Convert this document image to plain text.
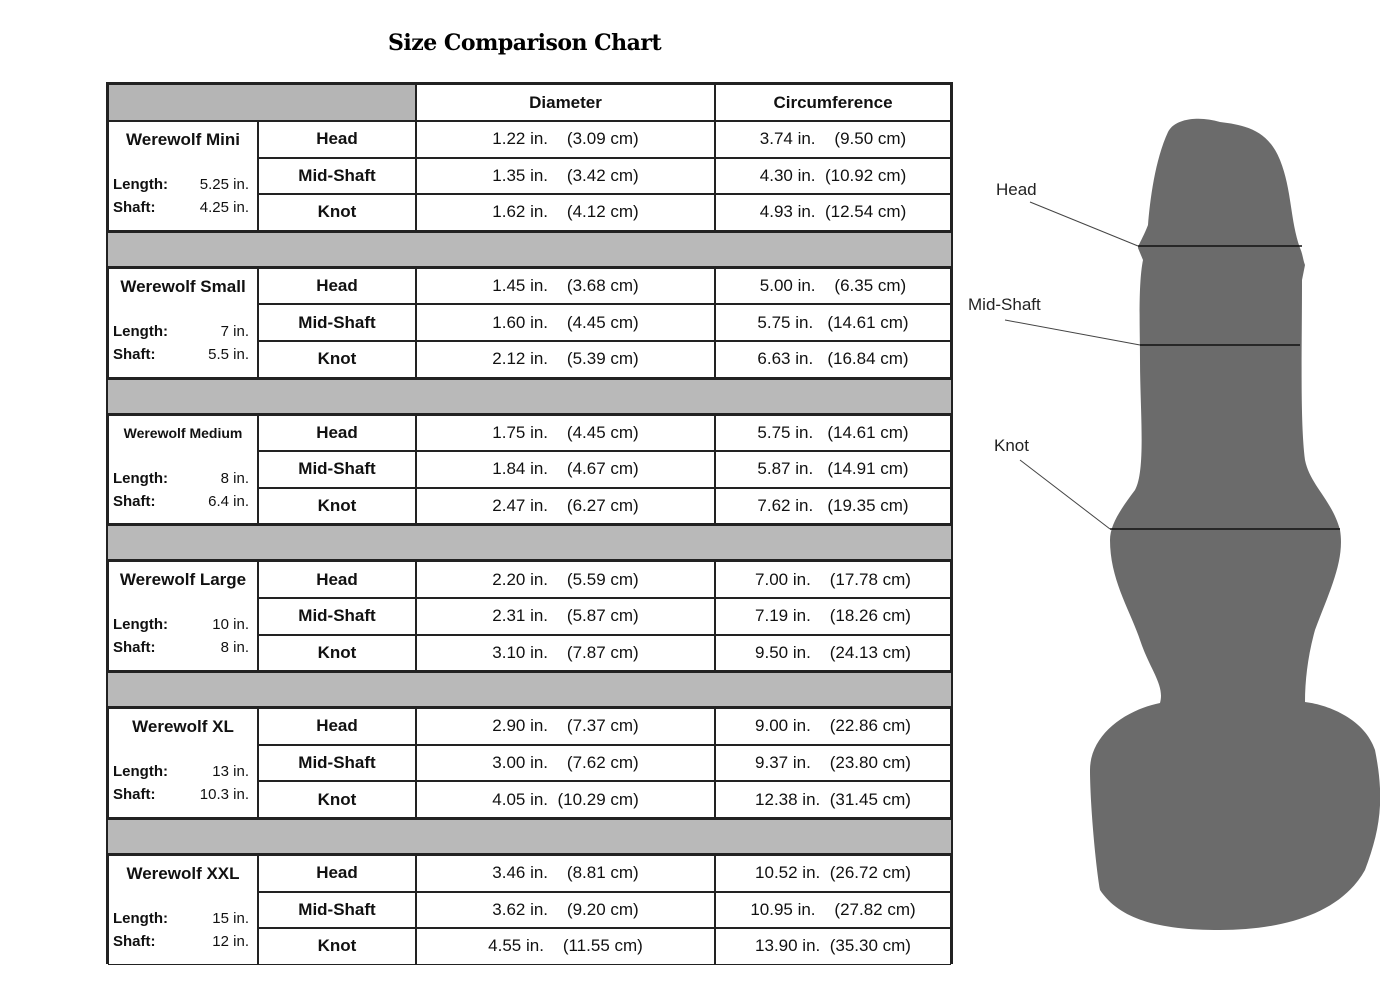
Size Comparison Chart
Diameter	Circumference
Werewolf Mini
Length: 5.25 in.
Shaft:	4.25 in.
Head	1.22 in.    (3.09 cm)	3.74 in.    (9.50 cm)
Mid-Shaft	1.35 in.    (3.42 cm)	4.30 in.  (10.92 cm)
Knot	1.62 in.    (4.12 cm)	4.93 in.  (12.54 cm)
Werewolf Small
Length:	7 in.
Shaft:	5.5 in.
Head	1.45 in.    (3.68 cm)	5.00 in.    (6.35 cm)
Mid-Shaft	1.60 in.    (4.45 cm)	5.75 in.   (14.61 cm)
Knot	2.12 in.    (5.39 cm)	6.63 in.   (16.84 cm)
Werewolf Medium
Length:	8 in.
Shaft:	6.4 in.
Head	1.75 in.    (4.45 cm)	5.75 in.   (14.61 cm)
Mid-Shaft	1.84 in.    (4.67 cm)	5.87 in.   (14.91 cm)
Knot	2.47 in.    (6.27 cm)	7.62 in.   (19.35 cm)
Werewolf Large
Length:	10 in.
Shaft:	8 in.
Head	2.20 in.    (5.59 cm)	7.00 in.    (17.78 cm)
Mid-Shaft	2.31 in.    (5.87 cm)	7.19 in.    (18.26 cm)
Knot	3.10 in.    (7.87 cm)	9.50 in.    (24.13 cm)
Werewolf XL
Length:	13 in.
Shaft:	10.3 in.
Head	2.90 in.    (7.37 cm)	9.00 in.    (22.86 cm)
Mid-Shaft	3.00 in.    (7.62 cm)	9.37 in.    (23.80 cm)
Knot	4.05 in.  (10.29 cm)	12.38 in.  (31.45 cm)
Werewolf XXL
Length:	15 in.
Shaft:	12 in.
Head	3.46 in.    (8.81 cm)	10.52 in.  (26.72 cm)
Mid-Shaft	3.62 in.    (9.20 cm)	10.95 in.    (27.82 cm)
Knot	4.55 in.    (11.55 cm)	13.90 in.  (35.30 cm)
Head
Mid-Shaft
Knot
